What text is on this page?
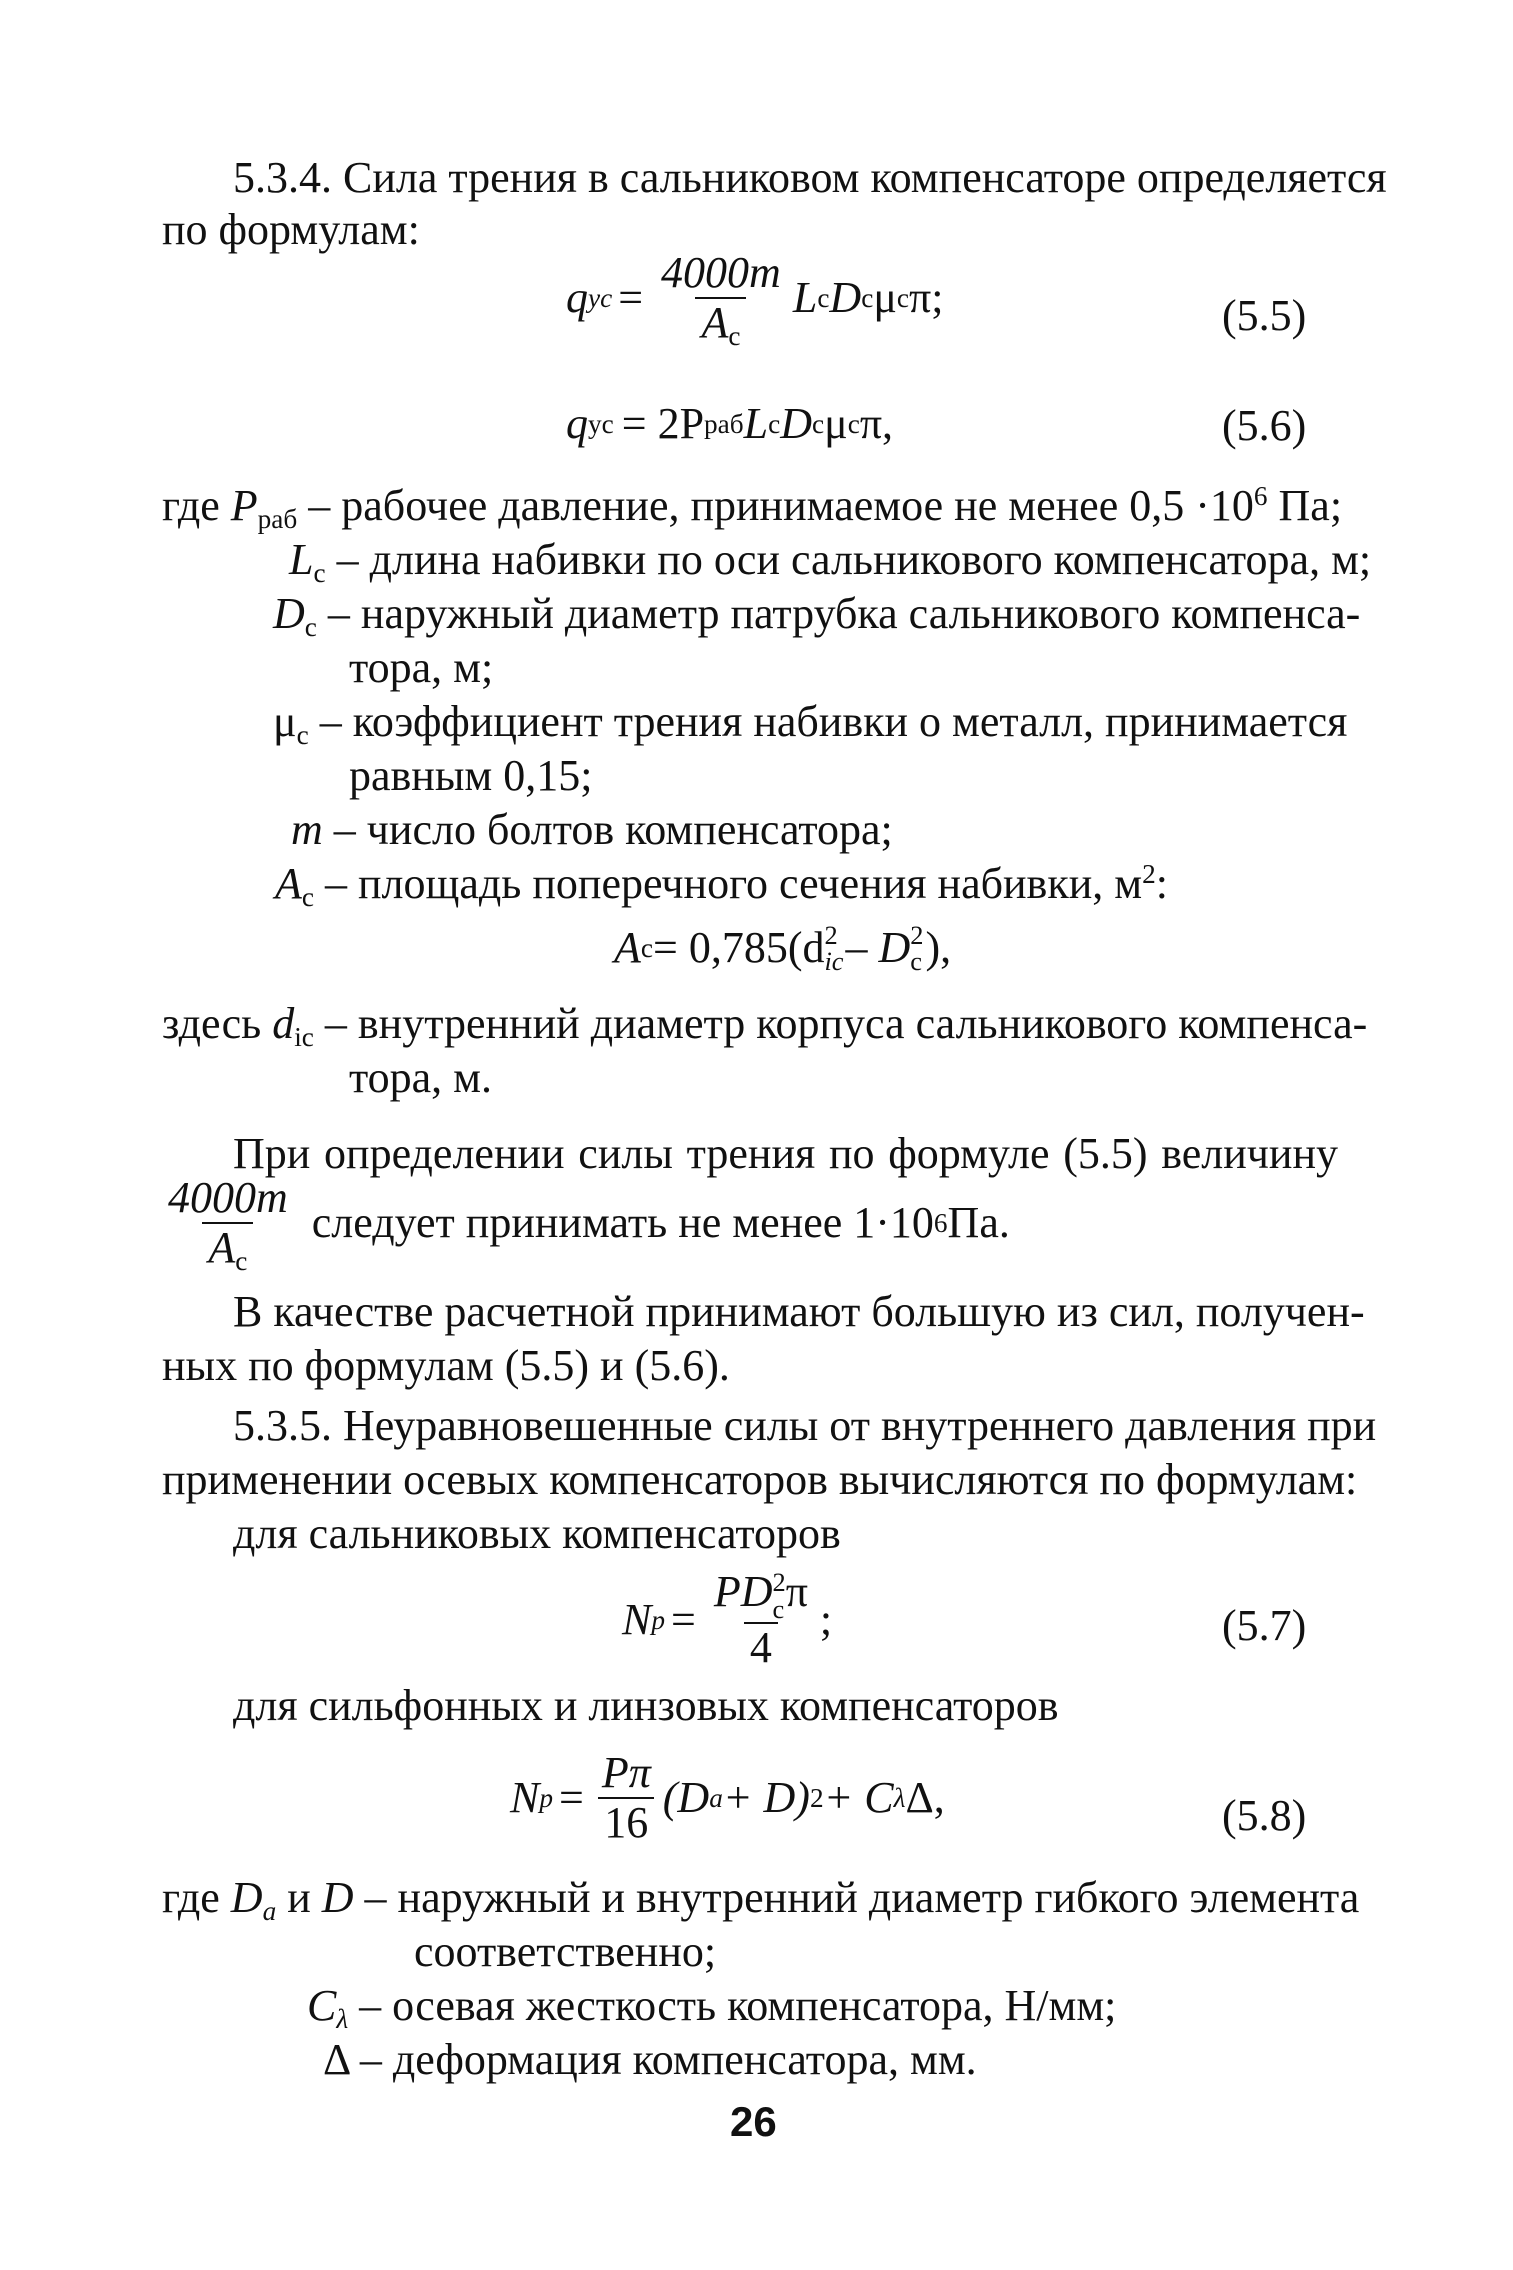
5.3.4. Сила трения в сальниковом компенсаторе определяется
по формулам:
q ус = $\frac{4000m}{A_с}$ L с D с μ с π;	(5.5)
q ус = 2P раб L с D с μ с π,	(5.6)
где $P_{раб}$ – рабочее давление, принимаемое не менее $0,5 \cdot 10^6$ Па;
$L_с$ – длина набивки по оси сальникового компенсатора, м;
$D_с$ – наружный диаметр патрубка сальникового компенса-
тора, м;
$\mu_с$ – коэффициент трения набивки о металл, принимается
равным 0,15;
m – число болтов компенсатора;
$A_с$ – площадь поперечного сечения набивки, $м^2$:
A с = 0,785(d 2
ic – D 2
с ),
здесь $d_{ic}$ – внутренний диаметр корпуса сальникового компенса-
тора, м.
При определении силы трения по формуле (5.5) величину
$\frac{4000m}{A_с}$ следует принимать не менее 1·10 6 Па.
В качестве расчетной принимают большую из сил, получен-
ных по формулам (5.5) и (5.6).
5.3.5. Неуравновешенные силы от внутреннего давления при
применении осевых компенсаторов вычисляются по формулам:
для сальниковых компенсаторов
N p = PD 2
с π
4 ;	(5.7)
для сильфонных и линзовых компенсаторов
N $p = \frac{P\pi}{16} (D$ a + D) 2 + C λ Δ,	(5.8)
где $D_a$ и D – наружный и внутренний диаметр гибкого элемента
соответственно;
$C_\lambda$ – осевая жесткость компенсатора, Н/мм;
Δ – деформация компенсатора, мм.
26
